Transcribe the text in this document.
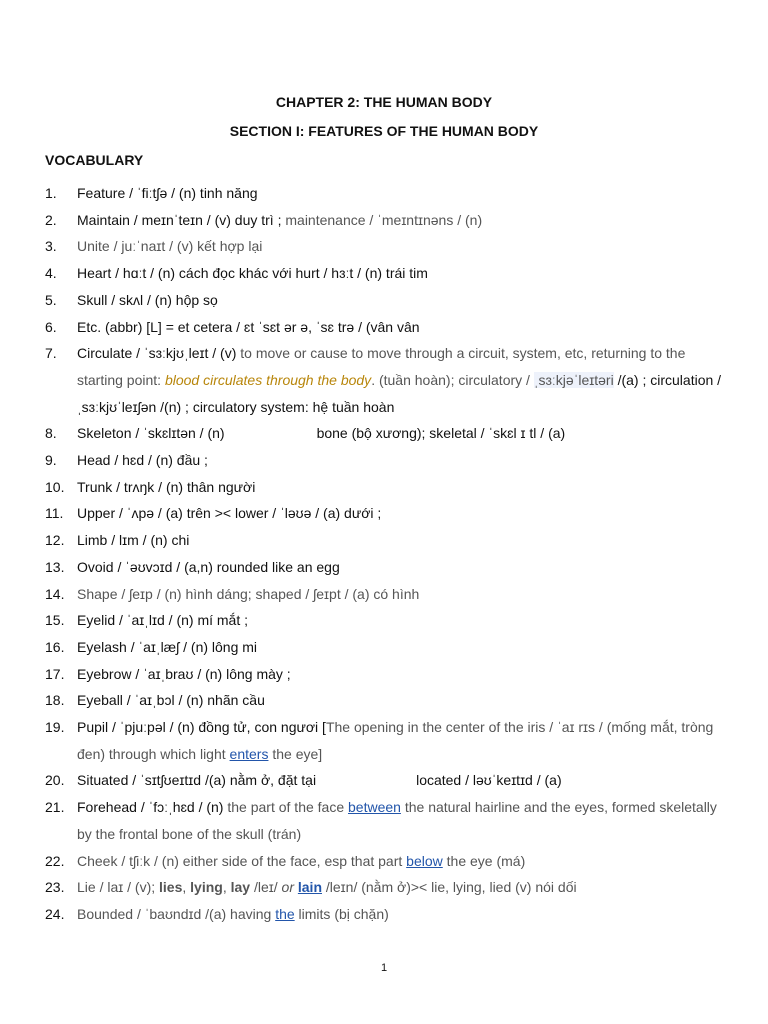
CHAPTER 2: THE HUMAN BODY
SECTION I: FEATURES OF THE HUMAN BODY
VOCABULARY
1. Feature / ˈfiːtʃə / (n) tinh năng
2. Maintain / meɪnˈteɪn / (v) duy trì ; maintenance / ˈmeɪntɪnəns / (n)
3. Unite / juːˈnaɪt / (v) kết hợp lại
4. Heart / hɑːt / (n) cách đọc khác với hurt / hɜːt / (n) trái tim
5. Skull / skʌl / (n) hộp sọ
6. Etc. (abbr) [L] = et cetera / ɛt ˈsɛt ər ə, ˈsɛ trə / (vân vân
7. Circulate / ˈsɜːkjʊˌleɪt / (v) to move or cause to move through a circuit, system, etc, returning to the starting point: blood circulates through the body. (tuần hoàn); circulatory / ˌsɜːkjəˈleɪtəri /(a) ; circulation / ˌsɜːkjʊˈleɪʃən /(n) ; circulatory system: hệ tuần hoàn
8. Skeleton / ˈskɛlɪtən / (n)	bone (bộ xương); skeletal / ˈskɛl ɪ tl / (a)
9. Head / hɛd / (n) đầu ;
10. Trunk / trʌŋk / (n) thân người
11. Upper / ˈʌpə / (a) trên >< lower / ˈləʊə / (a) dưới ;
12. Limb / lɪm / (n) chi
13. Ovoid / ˈəʊvɔɪd / (a,n) rounded like an egg
14. Shape / ʃeɪp / (n) hình dáng; shaped / ʃeɪpt / (a) có hình
15. Eyelid / ˈaɪˌlɪd / (n) mí mắt ;
16. Eyelash / ˈaɪˌlæʃ / (n) lông mi
17. Eyebrow / ˈaɪˌbraʊ / (n) lông mày ;
18. Eyeball / ˈaɪˌbɔl / (n) nhãn cầu
19. Pupil / ˈpjuːpəl / (n) đồng tử, con ngươi [The opening in the center of the iris / ˈaɪ rɪs / (mống mắt, tròng đen) through which light enters the eye]
20. Situated / ˈsɪtʃʊeɪtɪd /(a) nằm ở, đặt tại	located / ləʊˈkeɪtɪd / (a)
21. Forehead / ˈfɔːˌhɛd / (n) the part of the face between the natural hairline and the eyes, formed skeletally by the frontal bone of the skull (trán)
22. Cheek / tʃiːk / (n) either side of the face, esp that part below the eye (má)
23. Lie / laɪ / (v); lies, lying, lay /leɪ/ or lain /leɪn/ (nằm ở)>< lie, lying, lied (v) nói dối
24. Bounded / ˈbaʊndɪd /(a) having the limits (bị chặn)
1
